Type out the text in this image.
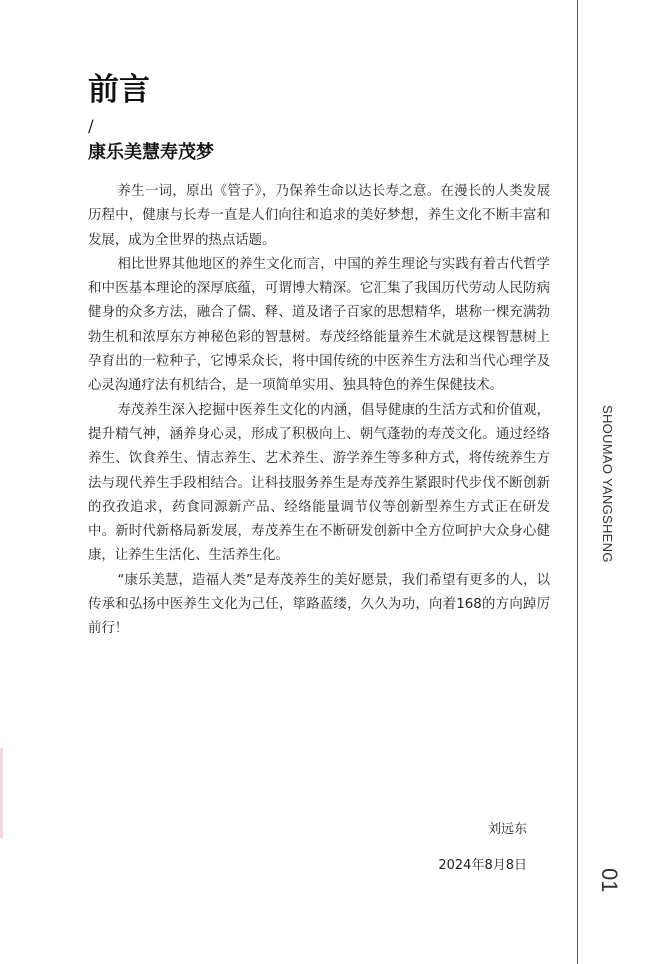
前言
/
康乐美慧寿茂梦

养生一词，原出《管子》，乃保养生命以达长寿之意。在漫长的人类发展历程中，健康与长寿一直是人们向往和追求的美好梦想，养生文化不断丰富和发展，成为全世界的热点话题。

相比世界其他地区的养生文化而言，中国的养生理论与实践有着古代哲学和中医基本理论的深厚底蕴，可谓博大精深。它汇集了我国历代劳动人民防病健身的众多方法，融合了儒、释、道及诸子百家的思想精华，堪称一棵充满勃勃生机和浓厚东方神秘色彩的智慧树。寿茂经络能量养生术就是这棵智慧树上孕育出的一粒种子，它博采众长，将中国传统的中医养生方法和当代心理学及心灵沟通疗法有机结合，是一项简单实用、独具特色的养生保健技术。

寿茂养生深入挖掘中医养生文化的内涵，倡导健康的生活方式和价值观，提升精气神，涵养身心灵，形成了积极向上、朝气蓬勃的寿茂文化。通过经络养生、饮食养生、情志养生、艺术养生、游学养生等多种方式，将传统养生方法与现代养生手段相结合。让科技服务养生是寿茂养生紧跟时代步伐不断创新的孜孜追求，药食同源新产品、经络能量调节仪等创新型养生方式正在研发中。新时代新格局新发展，寿茂养生在不断研发创新中全方位呵护大众身心健康，让养生生活化、生活养生化。

“康乐美慧，造福人类”是寿茂养生的美好愿景，我们希望有更多的人，以传承和弘扬中医养生文化为己任，筚路蓝缕，久久为功，向着168的方向踔厉前行！

刘远东
2024年8月8日
SHOUMAO YANGSHENG
01
